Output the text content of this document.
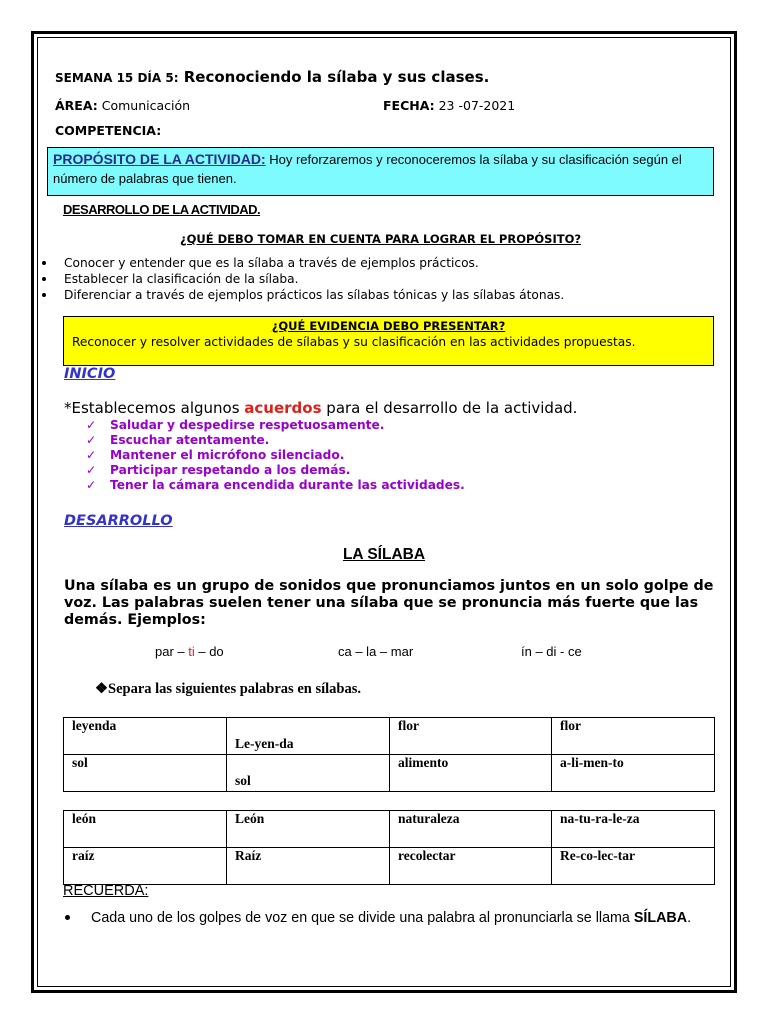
SEMANA 15 DÍA 5: Reconociendo la sílaba y sus clases.
ÁREA: Comunicación	FECHA: 23 -07-2021
COMPETENCIA:
PROPÓSITO DE LA ACTIVIDAD: Hoy reforzaremos y reconoceremos la sílaba y su clasificación según el número de palabras que tienen.
DESARROLLO DE LA ACTIVIDAD.
¿QUÉ DEBO TOMAR EN CUENTA PARA LOGRAR EL PROPÓSITO?
Conocer y entender que es la sílaba a través de ejemplos prácticos.
Establecer la clasificación de la sílaba.
Diferenciar a través de ejemplos prácticos las sílabas tónicas y las sílabas átonas.
¿QUÉ EVIDENCIA DEBO PRESENTAR?
Reconocer y resolver actividades de sílabas y su clasificación en las actividades propuestas.
INICIO
*Establecemos algunos acuerdos para el desarrollo de la actividad.
✓ Saludar y despedirse respetuosamente.
✓ Escuchar atentamente.
✓ Mantener el micrófono silenciado.
✓ Participar respetando a los demás.
✓ Tener la cámara encendida durante las actividades.
DESARROLLO
LA SÍLABA
Una sílaba es un grupo de sonidos que pronunciamos juntos en un solo golpe de voz. Las palabras suelen tener una sílaba que se pronuncia más fuerte que las demás. Ejemplos:
par – ti – do	ca – la – mar	ín – di - ce
❖Separa las siguientes palabras en sílabas.
leyenda	Le-yen-da	flor	flor
sol	sol	alimento	a-li-men-to
león	León	naturaleza	na-tu-ra-le-za
raíz	Raíz	recolectar	Re-co-lec-tar
RECUERDA:
Cada uno de los golpes de voz en que se divide una palabra al pronunciarla se llama SÍLABA.
